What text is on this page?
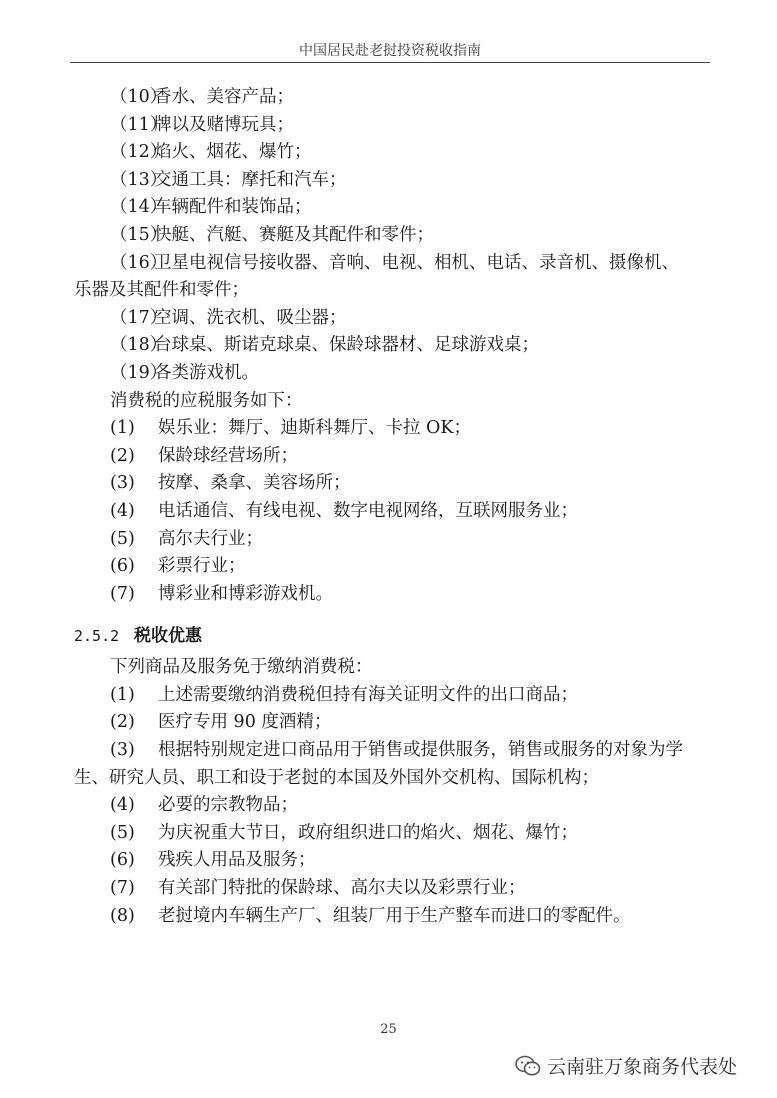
中国居民赴老挝投资税收指南
（10）香水、美容产品；
（11）牌以及赌博玩具；
（12）焰火、烟花、爆竹；
（13）交通工具：摩托和汽车；
（14）车辆配件和装饰品；
（15）快艇、汽艇、赛艇及其配件和零件；
（16）卫星电视信号接收器、音响、电视、相机、电话、录音机、摄像机、
乐器及其配件和零件；
（17）空调、洗衣机、吸尘器；
（18）台球桌、斯诺克球桌、保龄球器材、足球游戏桌；
（19）各类游戏机。
消费税的应税服务如下：
(1) 娱乐业：舞厅、迪斯科舞厅、卡拉 OK；
(2) 保龄球经营场所；
(3) 按摩、桑拿、美容场所；
(4) 电话通信、有线电视、数字电视网络，互联网服务业；
(5) 高尔夫行业；
(6) 彩票行业；
(7) 博彩业和博彩游戏机。
2.5.2 税收优惠
下列商品及服务免于缴纳消费税：
(1) 上述需要缴纳消费税但持有海关证明文件的出口商品；
(2) 医疗专用 90 度酒精；
(3) 根据特别规定进口商品用于销售或提供服务，销售或服务的对象为学
生、研究人员、职工和设于老挝的本国及外国外交机构、国际机构；
(4) 必要的宗教物品；
(5) 为庆祝重大节日，政府组织进口的焰火、烟花、爆竹；
(6) 残疾人用品及服务；
(7) 有关部门特批的保龄球、高尔夫以及彩票行业；
(8) 老挝境内车辆生产厂、组装厂用于生产整车而进口的零配件。
25
云南驻万象商务代表处
